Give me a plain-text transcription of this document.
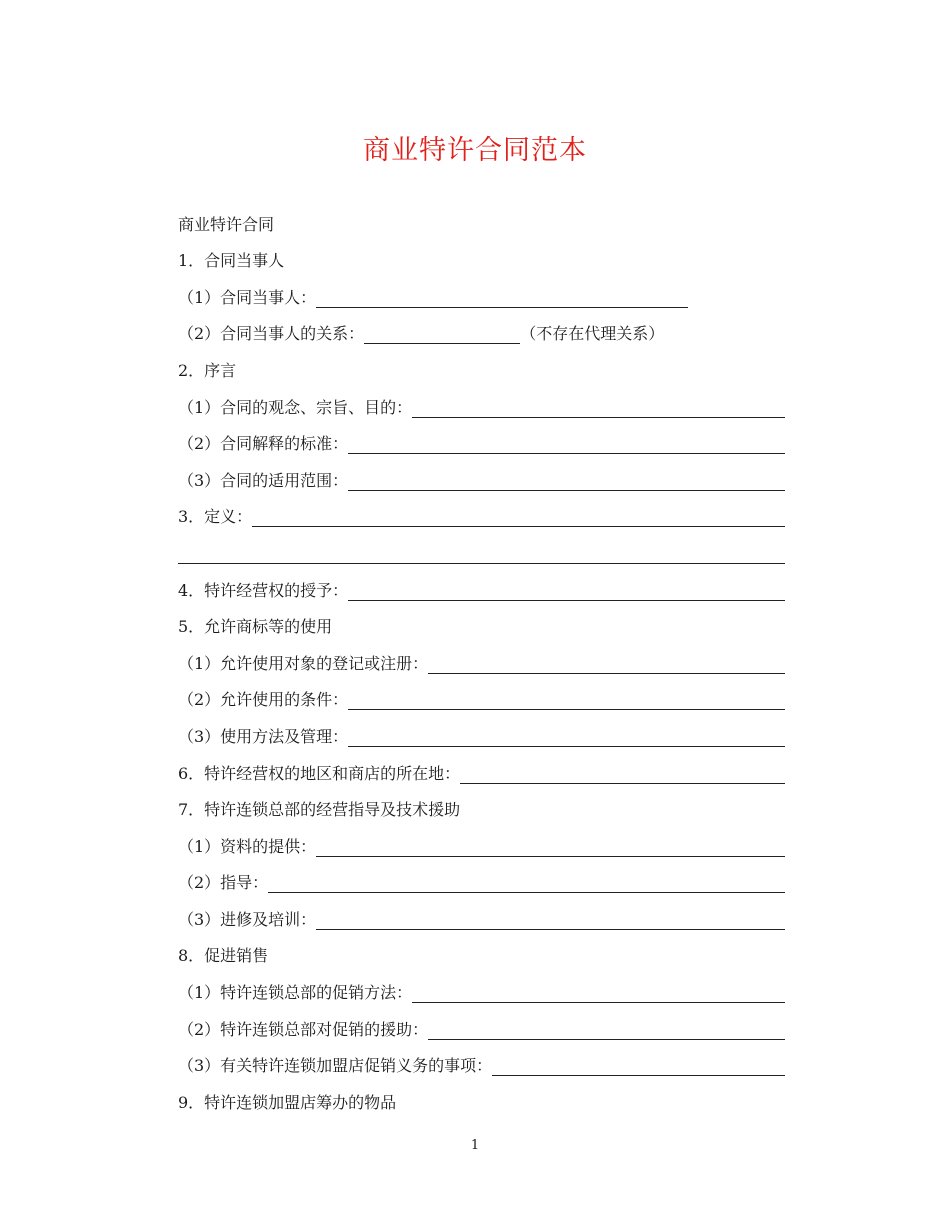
商业特许合同范本
商业特许合同
1．合同当事人
（1）合同当事人：
（2）合同当事人的关系：	（不存在代理关系）
2．序言
（1）合同的观念、宗旨、目的：
（2）合同解释的标准：
（3）合同的适用范围：
3．定义：
4．特许经营权的授予：
5．允许商标等的使用
（1）允许使用对象的登记或注册：
（2）允许使用的条件：
（3）使用方法及管理：
6．特许经营权的地区和商店的所在地：
7．特许连锁总部的经营指导及技术援助
（1）资料的提供：
（2）指导：
（3）进修及培训：
8．促进销售
（1）特许连锁总部的促销方法：
（2）特许连锁总部对促销的援助：
（3）有关特许连锁加盟店促销义务的事项：
9．特许连锁加盟店筹办的物品
1
